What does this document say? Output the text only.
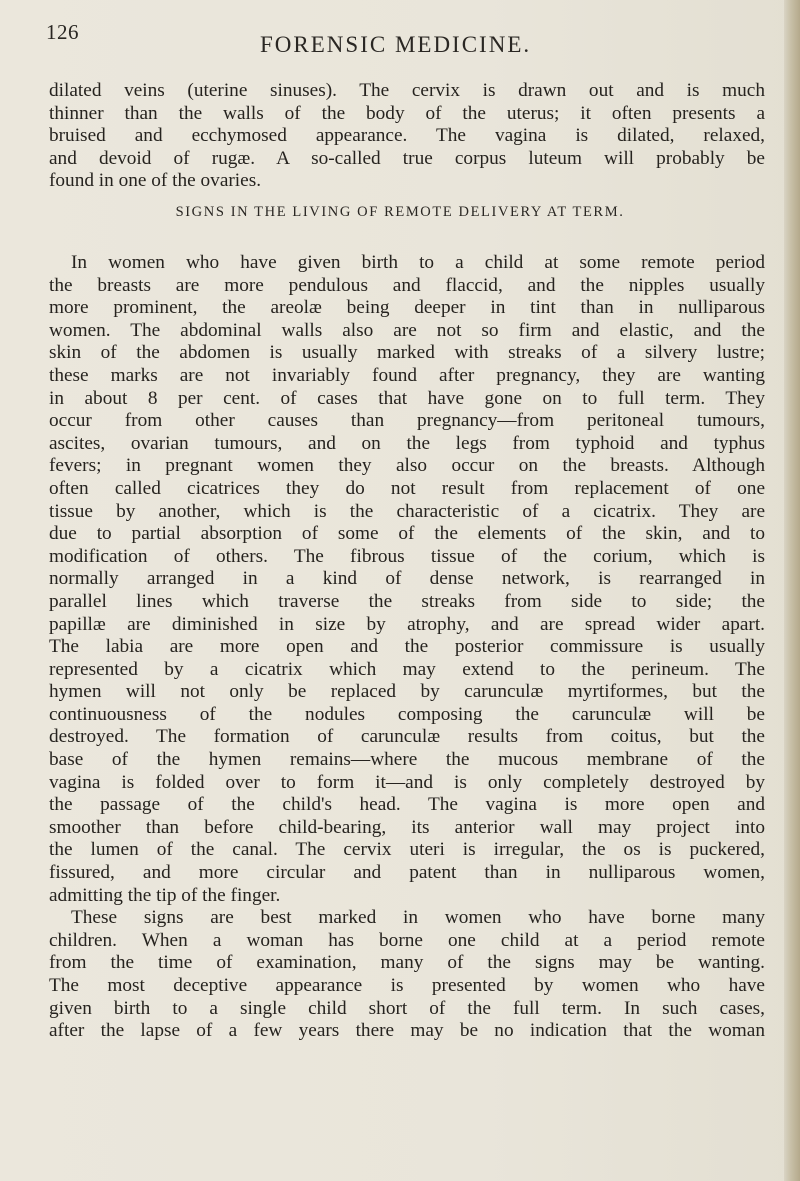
126	FORENSIC MEDICINE.
dilated veins (uterine sinuses). The cervix is drawn out and is much
thinner than the walls of the body of the uterus; it often presents a
bruised and ecchymosed appearance. The vagina is dilated, relaxed,
and devoid of rugæ. A so-called true corpus luteum will probably be
found in one of the ovaries.
SIGNS IN THE LIVING OF REMOTE DELIVERY AT TERM.
In women who have given birth to a child at some remote period
the breasts are more pendulous and flaccid, and the nipples usually
more prominent, the areolæ being deeper in tint than in nulliparous
women. The abdominal walls also are not so firm and elastic, and the
skin of the abdomen is usually marked with streaks of a silvery lustre;
these marks are not invariably found after pregnancy, they are wanting
in about 8 per cent. of cases that have gone on to full term. They
occur from other causes than pregnancy—from peritoneal tumours,
ascites, ovarian tumours, and on the legs from typhoid and typhus
fevers; in pregnant women they also occur on the breasts. Although
often called cicatrices they do not result from replacement of one
tissue by another, which is the characteristic of a cicatrix. They are
due to partial absorption of some of the elements of the skin, and to
modification of others. The fibrous tissue of the corium, which is
normally arranged in a kind of dense network, is rearranged in
parallel lines which traverse the streaks from side to side; the
papillæ are diminished in size by atrophy, and are spread wider apart.
The labia are more open and the posterior commissure is usually
represented by a cicatrix which may extend to the perineum. The
hymen will not only be replaced by carunculæ myrtiformes, but the
continuousness of the nodules composing the carunculæ will be
destroyed. The formation of carunculæ results from coitus, but the
base of the hymen remains—where the mucous membrane of the
vagina is folded over to form it—and is only completely destroyed by
the passage of the child's head. The vagina is more open and
smoother than before child-bearing, its anterior wall may project into
the lumen of the canal. The cervix uteri is irregular, the os is puckered,
fissured, and more circular and patent than in nulliparous women,
admitting the tip of the finger.
These signs are best marked in women who have borne many
children. When a woman has borne one child at a period remote
from the time of examination, many of the signs may be wanting.
The most deceptive appearance is presented by women who have
given birth to a single child short of the full term. In such cases,
after the lapse of a few years there may be no indication that the woman
